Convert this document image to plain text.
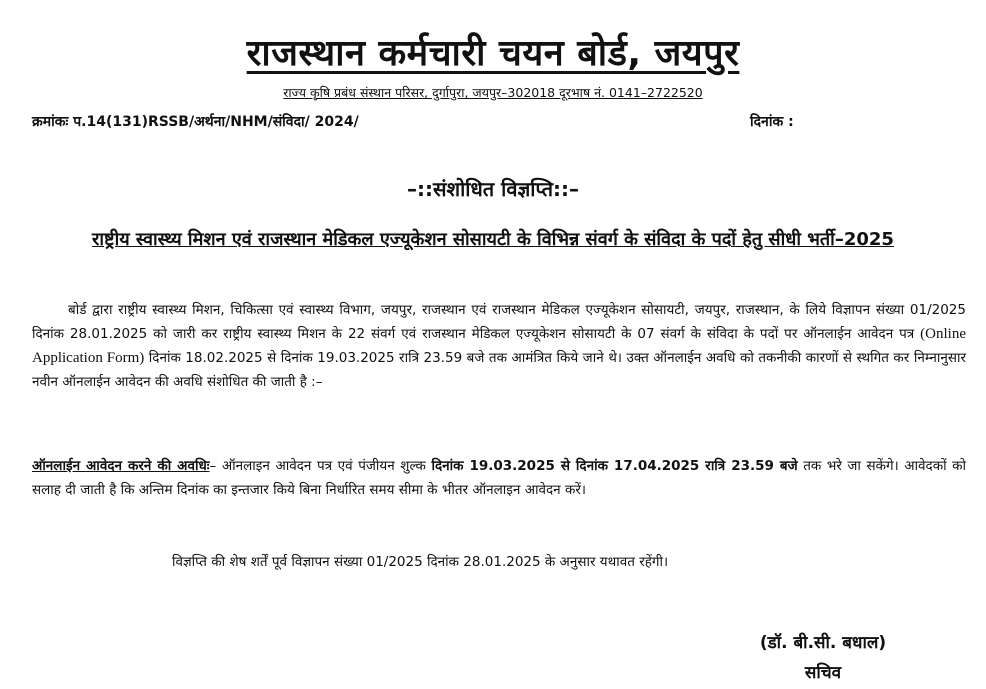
राजस्थान कर्मचारी चयन बोर्ड, जयपुर
राज्य कृषि प्रबंध संस्थान परिसर, दुर्गापुरा, जयपुर–302018 दूरभाष नं. 0141–2722520
क्रमांकः प.14(131)RSSB/अर्थना/NHM/संविदा/ 2024/	दिनांक :
–::संशोधित विज्ञप्ति::–
राष्ट्रीय स्वास्थ्य मिशन एवं राजस्थान मेडिकल एज्यूकेशन सोसायटी के विभिन्न संवर्ग के संविदा के पदों हेतु सीधी भर्ती–2025
बोर्ड द्वारा राष्ट्रीय स्वास्थ्य मिशन, चिकित्सा एवं स्वास्थ्य विभाग, जयपुर, राजस्थान एवं राजस्थान मेडिकल एज्यूकेशन सोसायटी, जयपुर, राजस्थान, के लिये विज्ञापन संख्या 01/2025 दिनांक 28.01.2025 को जारी कर राष्ट्रीय स्वास्थ्य मिशन के 22 संवर्ग एवं राजस्थान मेडिकल एज्यूकेशन सोसायटी के 07 संवर्ग के संविदा के पदों पर ऑनलाईन आवेदन पत्र (Online Application Form) दिनांक 18.02.2025 से दिनांक 19.03.2025 रात्रि 23.59 बजे तक आमंत्रित किये जाने थे। उक्त ऑनलाईन अवधि को तकनीकी कारणों से स्थगित कर निम्नानुसार नवीन ऑनलाईन आवेदन की अवधि संशोधित की जाती है :–
ऑनलाईन आवेदन करने की अवधिः– ऑनलाइन आवेदन पत्र एवं पंजीयन शुल्क दिनांक 19.03.2025 से दिनांक 17.04.2025 रात्रि 23.59 बजे तक भरे जा सकेंगे। आवेदकों को सलाह दी जाती है कि अन्तिम दिनांक का इन्तजार किये बिना निर्धारित समय सीमा के भीतर ऑनलाइन आवेदन करें।
विज्ञप्ति की शेष शर्तें पूर्व विज्ञापन संख्या 01/2025 दिनांक 28.01.2025 के अनुसार यथावत रहेंगी।
(डॉ. बी.सी. बधाल)
सचिव
